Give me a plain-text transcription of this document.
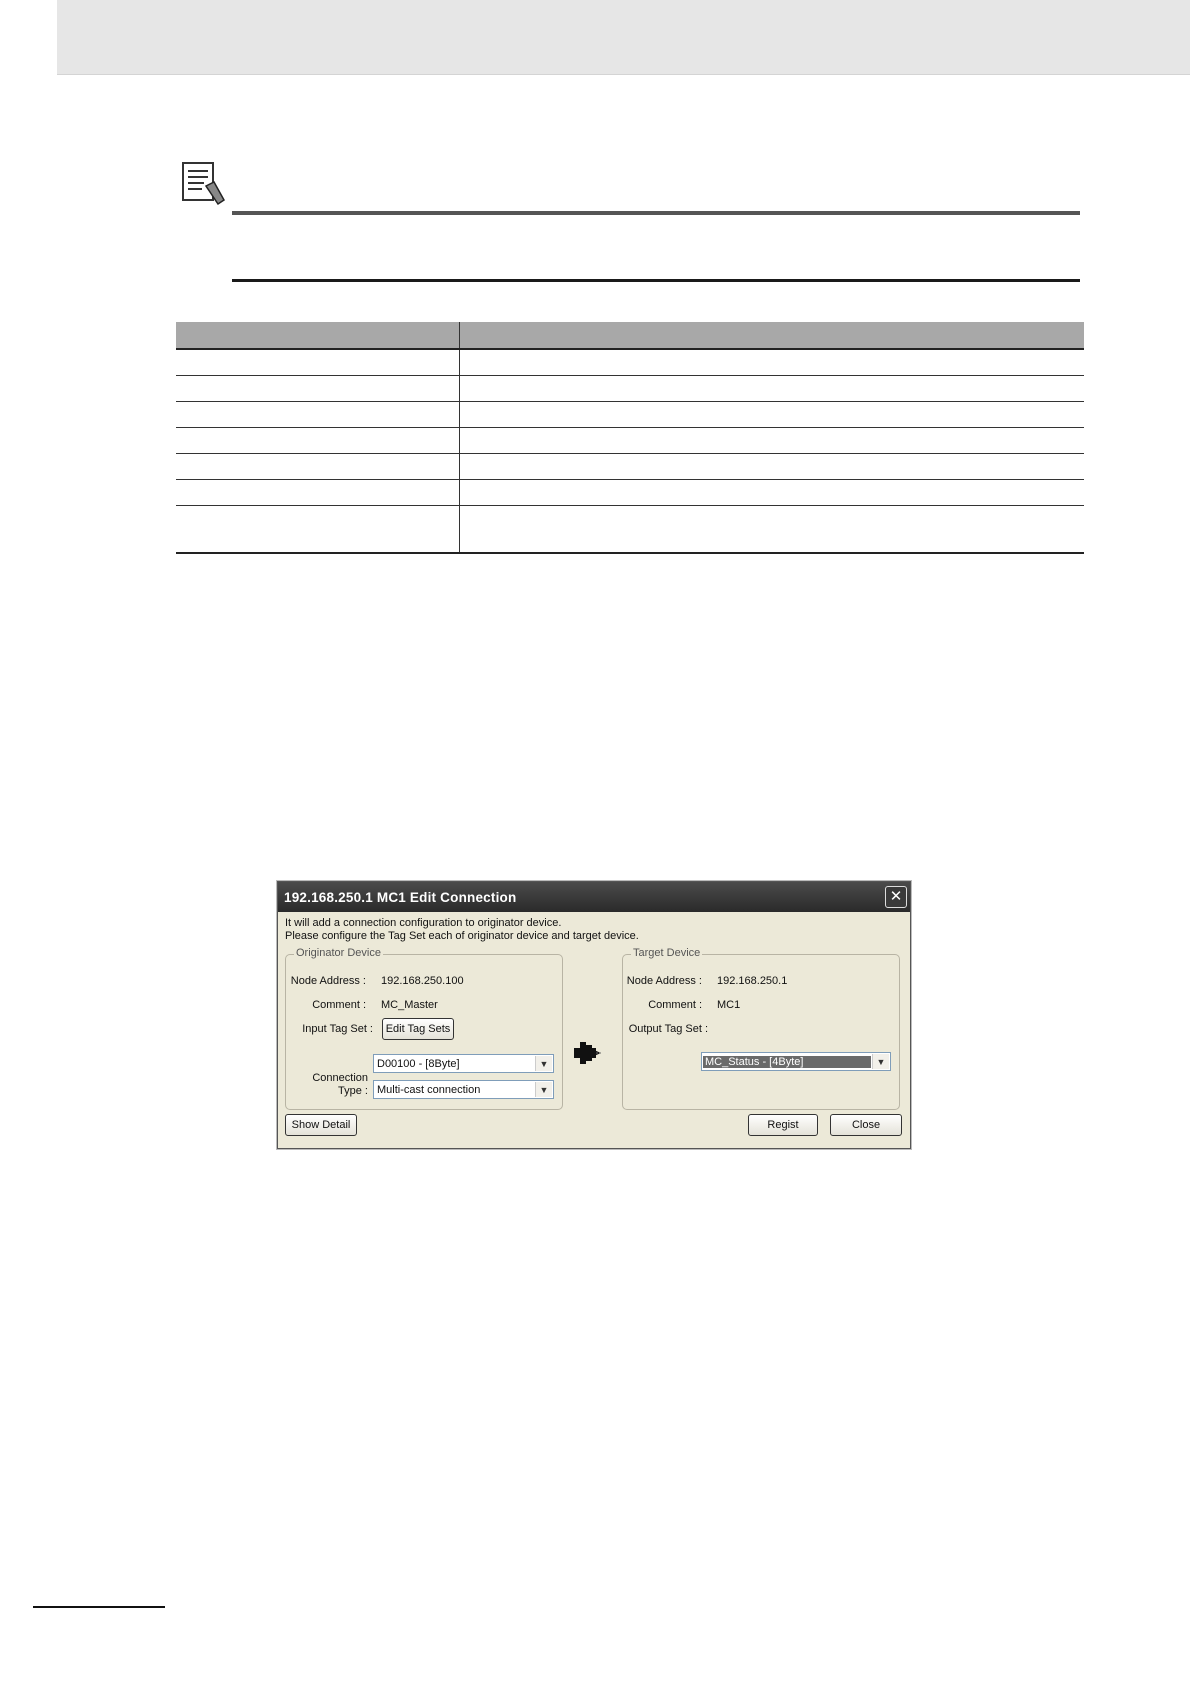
192.168.250.1 MC1 Edit Connection	✕
It will add a connection configuration to originator device.
Please configure the Tag Set each of originator device and target device.
Originator Device
Node Address : 192.168.250.100
Comment : MC_Master
Input Tag Set :	Edit Tag Sets
D00100 - [8Byte]	▼
Connection
Type : Multi-cast connection	▼
Target Device
Node Address : 192.168.250.1
Comment : MC1
Output Tag Set :
MC_Status - [4Byte]	▼
Show Detail	Regist	Close
